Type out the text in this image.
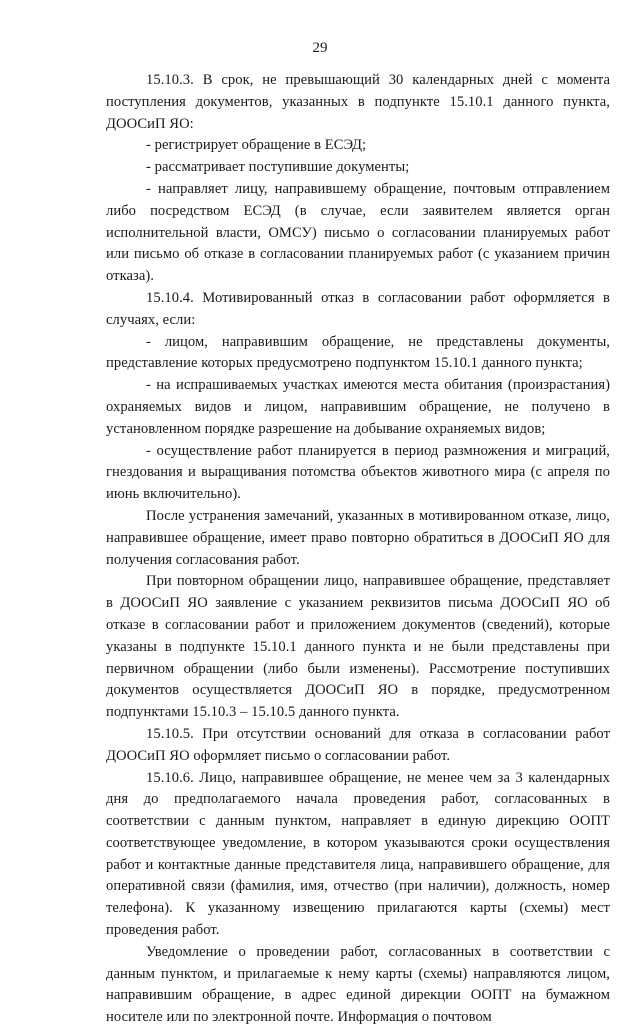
29

15.10.3. В срок, не превышающий 30 календарных дней с момента поступления документов, указанных в подпункте 15.10.1 данного пункта, ДООСиП ЯО:

- регистрирует обращение в ЕСЭД;

- рассматривает поступившие документы;

- направляет лицу, направившему обращение, почтовым отправлением либо посредством ЕСЭД (в случае, если заявителем является орган исполнительной власти, ОМСУ) письмо о согласовании планируемых работ или письмо об отказе в согласовании планируемых работ (с указанием причин отказа).

15.10.4. Мотивированный отказ в согласовании работ оформляется в случаях, если:

- лицом, направившим обращение, не представлены документы, представление которых предусмотрено подпунктом 15.10.1 данного пункта;

- на испрашиваемых участках имеются места обитания (произрастания) охраняемых видов и лицом, направившим обращение, не получено в установленном порядке разрешение на добывание охраняемых видов;

- осуществление работ планируется в период размножения и миграций, гнездования и выращивания потомства объектов животного мира (с апреля по июнь включительно).

После устранения замечаний, указанных в мотивированном отказе, лицо, направившее обращение, имеет право повторно обратиться в ДООСиП ЯО для получения согласования работ.

При повторном обращении лицо, направившее обращение, представляет в ДООСиП ЯО заявление с указанием реквизитов письма ДООСиП ЯО об отказе в согласовании работ и приложением документов (сведений), которые указаны в подпункте 15.10.1 данного пункта и не были представлены при первичном обращении (либо были изменены). Рассмотрение поступивших документов осуществляется ДООСиП ЯО в порядке, предусмотренном подпунктами 15.10.3 – 15.10.5 данного пункта.

15.10.5. При отсутствии оснований для отказа в согласовании работ ДООСиП ЯО оформляет письмо о согласовании работ.

15.10.6. Лицо, направившее обращение, не менее чем за 3 календарных дня до предполагаемого начала проведения работ, согласованных в соответствии с данным пунктом, направляет в единую дирекцию ООПТ соответствующее уведомление, в котором указываются сроки осуществления работ и контактные данные представителя лица, направившего обращение, для оперативной связи (фамилия, имя, отчество (при наличии), должность, номер телефона). К указанному извещению прилагаются карты (схемы) мест проведения работ.

Уведомление о проведении работ, согласованных в соответствии с данным пунктом, и прилагаемые к нему карты (схемы) направляются лицом, направившим обращение, в адрес единой дирекции ООПТ на бумажном носителе или по электронной почте. Информация о почтовом
